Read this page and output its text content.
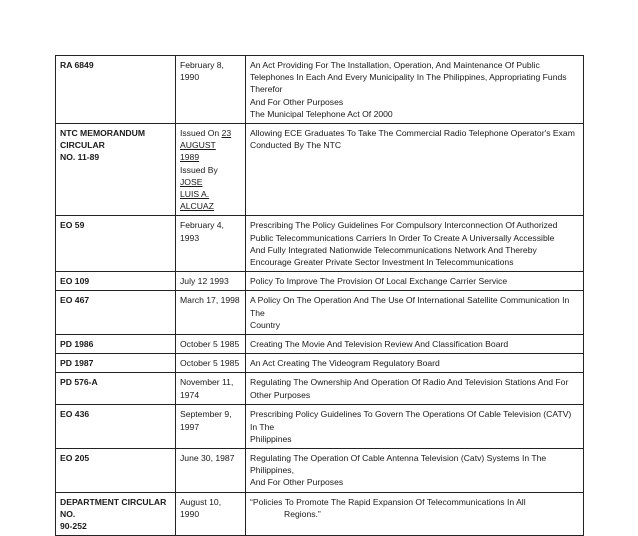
RA 6849	February 8, 1990	An Act Providing For The Installation, Operation, And Maintenance Of Public
Telephones In Each And Every Municipality In The Philippines, Appropriating Funds Therefor
And For Other Purposes
The Municipal Telephone Act Of 2000

NTC MEMORANDUM
CIRCULAR
NO. 11-89	Issued On 23
AUGUST
1989
Issued By JOSE
LUIS A. ALCUAZ	Allowing ECE Graduates To Take The Commercial Radio Telephone Operator's Exam
Conducted By The NTC

EO 59	February 4, 1993	Prescribing The Policy Guidelines For Compulsory Interconnection Of Authorized
Public Telecommunications Carriers In Order To Create A Universally Accessible
And Fully Integrated Nationwide Telecommunications Network And Thereby
Encourage Greater Private Sector Investment In Telecommunications

EO 109	July 12 1993	Policy To Improve The Provision Of Local Exchange Carrier Service

EO 467	March 17, 1998	A Policy On The Operation And The Use Of International Satellite Communication In The
Country

PD 1986	October 5 1985	Creating The Movie And Television Review And Classification Board

PD 1987	October 5 1985	An Act Creating The Videogram Regulatory Board

PD 576-A	November 11,
1974	Regulating The Ownership And Operation Of Radio And Television Stations And For
Other Purposes

EO 436	September 9,
1997	Prescribing Policy Guidelines To Govern The Operations Of Cable Television (CATV) In The
Philippines

EO 205	June 30, 1987	Regulating The Operation Of Cable Antenna Television (Catv) Systems In The Philippines,
And For Other Purposes

DEPARTMENT CIRCULAR NO.
90-252	August 10, 1990	“Policies To Promote The Rapid Expansion Of Telecommunications In All
Regions.”
